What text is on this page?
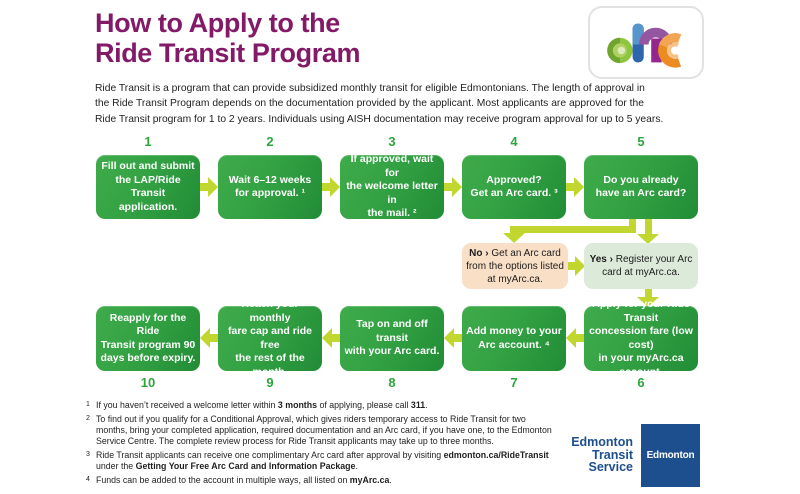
How to Apply to the
Ride Transit Program
Ride Transit is a program that can provide subsidized monthly transit for eligible Edmontonians. The length of approval in
the Ride Transit Program depends on the documentation provided by the applicant. Most applicants are approved for the
Ride Transit program for 1 to 2 years. Individuals using AISH documentation may receive program approval for up to 5 years.
1
Fill out and submit
the LAP/Ride Transit
application.
2
Wait 6–12 weeks
for approval. ¹
3
If approved, wait for
the welcome letter in
the mail. ²
4
Approved?
Get an Arc card. ³
5
Do you already
have an Arc card?
No › Get an Arc card
from the options listed
at myArc.ca.
Yes › Register your Arc
card at myArc.ca.
Apply for your Ride Transit
concession fare (low cost)
in your myArc.ca account.
6
Add money to your
Arc account. ⁴
7
Tap on and off transit
with your Arc card.
8
Reach your monthly
fare cap and ride free
the rest of the month.
9
Reapply for the Ride
Transit program 90
days before expiry.
10
1 If you haven’t received a welcome letter within 3 months of applying, please call 311.
2 To find out if you qualify for a Conditional Approval, which gives riders temporary access to Ride Transit for two months, bring your completed application, required documentation and an Arc card, if you have one, to the Edmonton Service Centre. The complete review process for Ride Transit applicants may take up to three months.
3 Ride Transit applicants can receive one complimentary Arc card after approval by visiting edmonton.ca/RideTransit under the Getting Your Free Arc Card and Information Package.
4 Funds can be added to the account in multiple ways, all listed on myArc.ca.
Edmonton
Transit
Service
Edmonton
